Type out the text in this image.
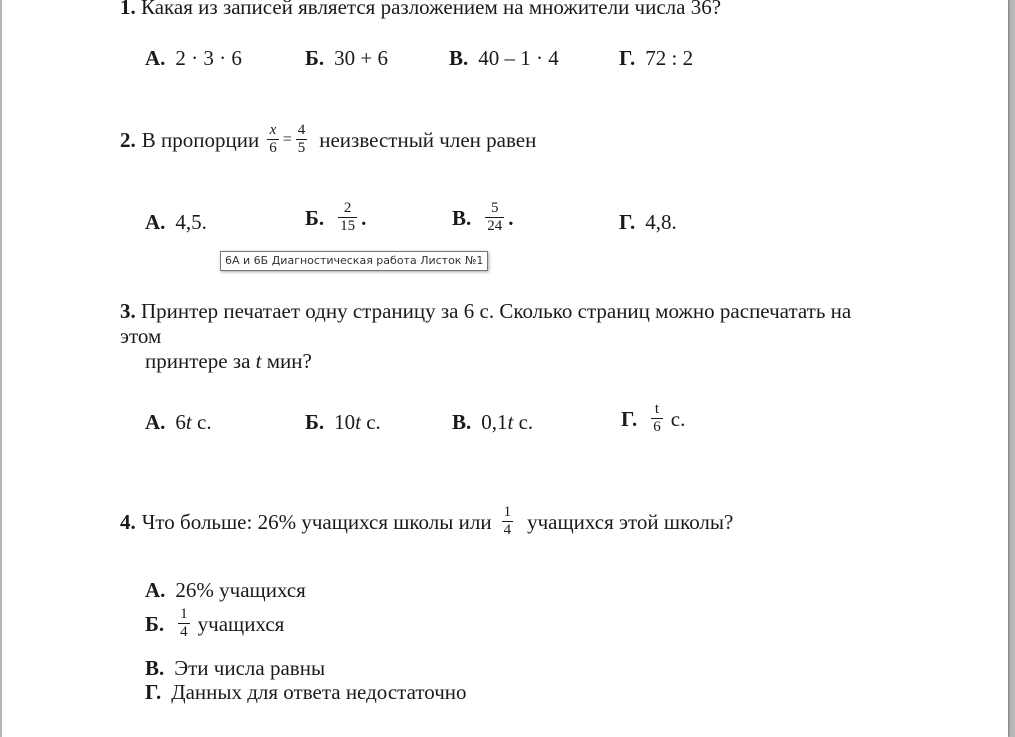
1. Какая из записей является разложением на множители числа 36?
А. 2 · 3 · 6	Б. 30 + 6	В. 40 – 1 · 4	Г. 72 : 2
2. В пропорции $\frac{x}{6} = \frac{4}{5}$ неизвестный член равен
А. 4,5.	Б. $\frac{2}{15}$ .	В. $\frac{5}{24}$ .	Г. 4,8.
6А и 6Б Диагностическая работа Листок №1
3. Принтер печатает одну страницу за 6 с. Сколько страниц можно распечатать на
этом
принтере за t мин?
А. 6 t с.	Б. 10 t с.	В. 0,1 t с.	Г. $\frac{t}{6} с$.
4. Что больше: 26% учащихся школы или $\frac{1}{4}$ учащихся этой школы?
А. 26% учащихся
Б. $\frac{1}{4}$ учащихся
В. Эти числа равны
Г. Данных для ответа недостаточно
